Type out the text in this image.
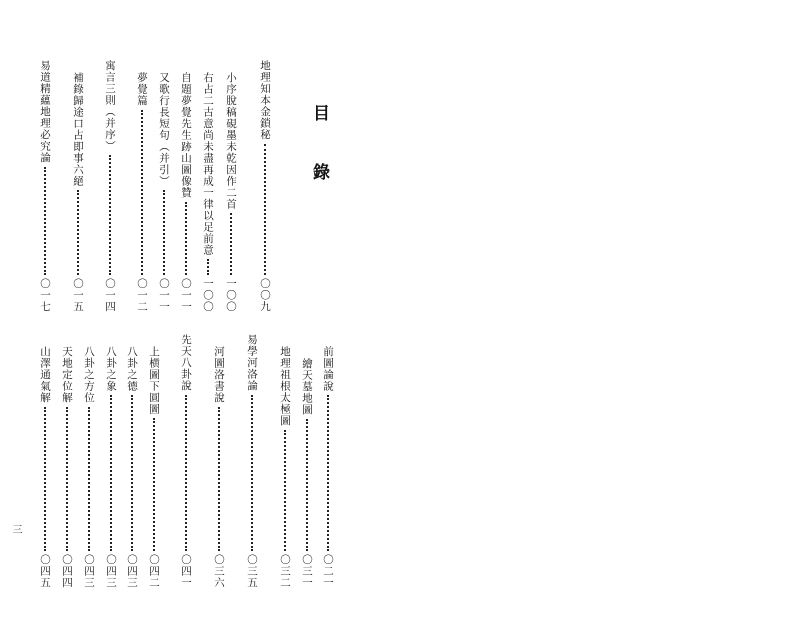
目 錄
地理知本金鎖秘
〇〇九
小序脫稿硯墨未乾因作二首
一〇〇
右占二古意尚未盡再成一律以足前意
一〇〇
自題夢覺先生跡山圖像贊
〇一一
又歌行長短句（并引）
〇一一
夢覺篇
〇一二
寓言三則（并序）
〇一四
補錄歸途口占即事六絕
〇一五
易道精蘊地理必究論
〇一七
前圖論說
〇二一
繪天墓地圖
〇三一
地理祖根太極圖
〇三二
易學河洛論
〇三五
河圖洛書說
〇三六
先天八卦說
〇四一
上横圖下圓圖
〇四二
八卦之德
〇四三
八卦之象
〇四三
八卦之方位
〇四三
天地定位解
〇四四
山澤通氣解
〇四五
三
